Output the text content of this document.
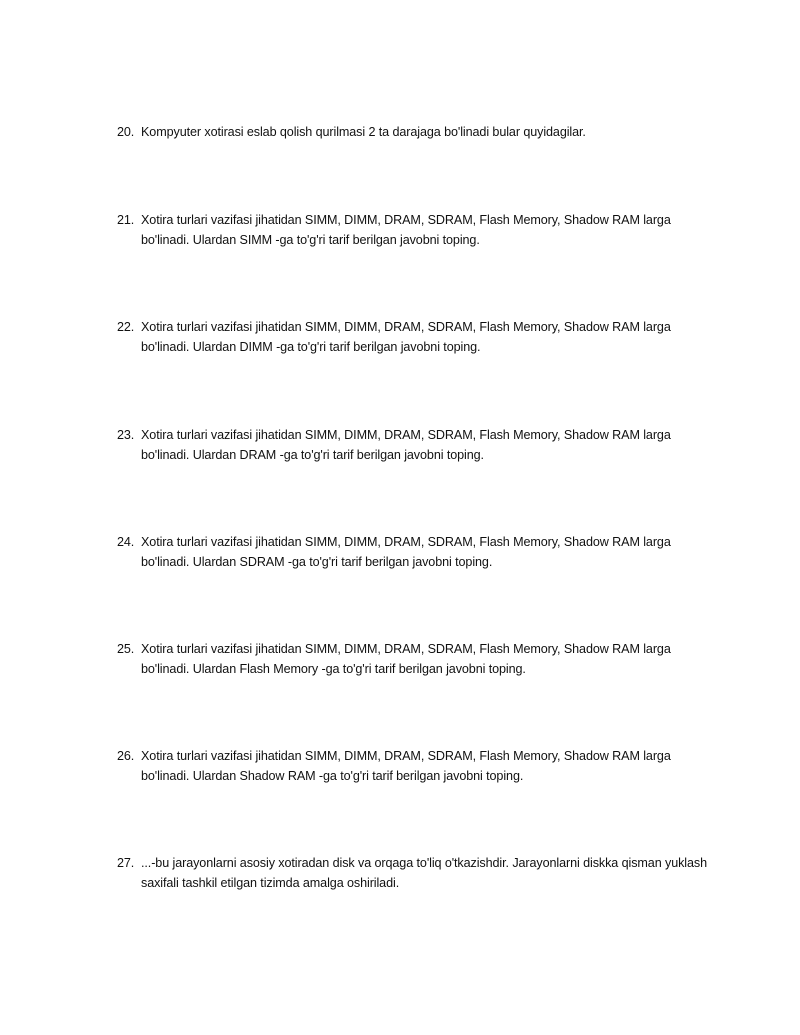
20. Kompyuter xotirasi eslab qolish qurilmasi 2 ta darajaga bo'linadi bular quyidagilar.
21. Xotira turlari vazifasi jihatidan SIMM, DIMM, DRAM, SDRAM, Flash Memory, Shadow RAM larga bo'linadi. Ulardan SIMM -ga to'g'ri tarif berilgan javobni toping.
22. Xotira turlari vazifasi jihatidan SIMM, DIMM, DRAM, SDRAM, Flash Memory, Shadow RAM larga bo'linadi. Ulardan DIMM -ga to'g'ri tarif berilgan javobni toping.
23. Xotira turlari vazifasi jihatidan SIMM, DIMM, DRAM, SDRAM, Flash Memory, Shadow RAM larga bo'linadi. Ulardan DRAM -ga to'g'ri tarif berilgan javobni toping.
24. Xotira turlari vazifasi jihatidan SIMM, DIMM, DRAM, SDRAM, Flash Memory, Shadow RAM larga bo'linadi. Ulardan SDRAM -ga to'g'ri tarif berilgan javobni toping.
25. Xotira turlari vazifasi jihatidan SIMM, DIMM, DRAM, SDRAM, Flash Memory, Shadow RAM larga bo'linadi. Ulardan Flash Memory -ga to'g'ri tarif berilgan javobni toping.
26. Xotira turlari vazifasi jihatidan SIMM, DIMM, DRAM, SDRAM, Flash Memory, Shadow RAM larga bo'linadi. Ulardan Shadow RAM -ga to'g'ri tarif berilgan javobni toping.
27. ...-bu jarayonlarni asosiy xotiradan disk va orqaga to'liq o'tkazishdir. Jarayonlarni diskka qisman yuklash saxifali tashkil etilgan tizimda amalga oshiriladi.
